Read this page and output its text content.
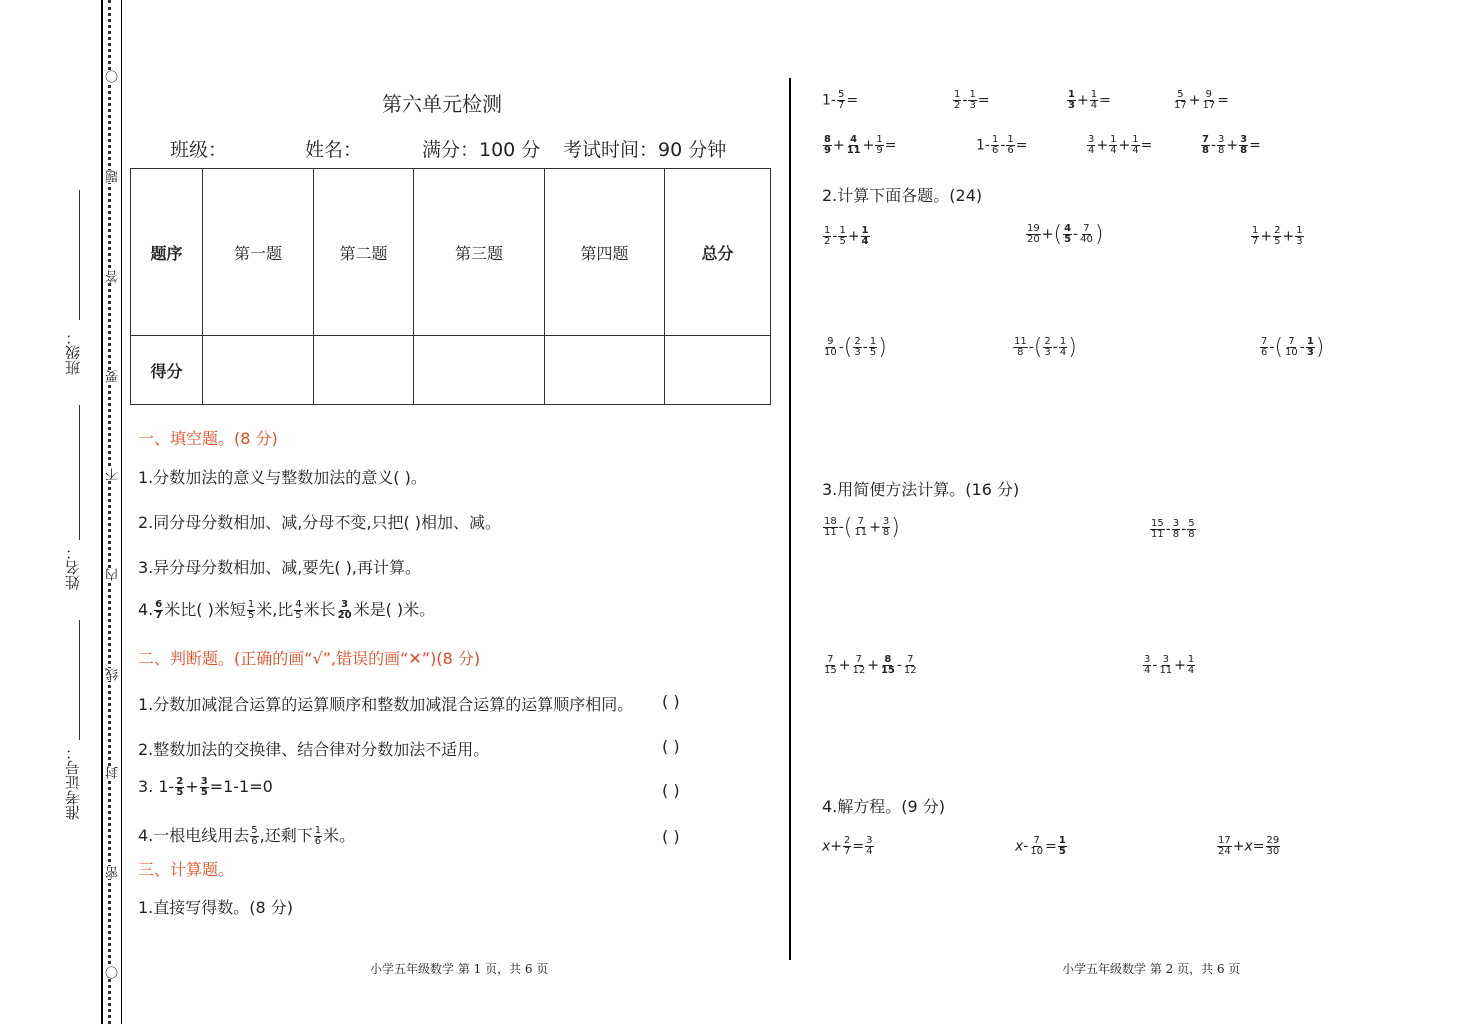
〇
题
答
要
不
内
线
封
密
〇
班级：
姓名：
准考证号：
第六单元检测
班级：	姓名：	满分：100 分 考试时间：90 分钟
题序	第一题	第二题	第三题	第四题	总分
得分					
一、填空题。(8 分)
1.分数加法的意义与整数加法的意义( )。
2.同分母分数相加、减,分母不变,只把( )相加、减。
3.异分母分数相加、减,要先( ),再计算。
4. $\frac{6}{7}$ 米比( )米短 $\frac{1}{5}$ 米,比 $\frac{4}{5}$ 米长 $\frac{3}{20}$ 米是( )米。
二、判断题。(正确的画“√”,错误的画“✕”)(8 分)
1.分数加减混合运算的运算顺序和整数加减混合运算的运算顺序相同。 ( )
2.整数加法的交换律、结合律对分数加法不适用。	( )
3. $1- \frac{2}{5} + \frac{3}{5} =1-1=0$	( )
4.一根电线用去 $\frac{5}{6}$ ,还剩下 $\frac{1}{6}$ 米。	( )
三、计算题。
1.直接写得数。(8 分)
小学五年级数学 第 1 页，共 6 页
$1- \frac{5}{7}$ =	$\frac{1}{2} - \frac{1}{3}$ =	$\frac{1}{3} + \frac{1}{4}$ =	$\frac{5}{17} + \frac{9}{17}$ =
$\frac{8}{9} + \frac{4}{11} + \frac{1}{9}$ =	$1- \frac{1}{6} - \frac{1}{6}$ =	$\frac{3}{4} + \frac{1}{4} + \frac{1}{4}$ =	$\frac{7}{8} - \frac{3}{8} + \frac{3}{8}$ =
2.计算下面各题。(24)
$\frac{1}{2} - \frac{1}{5} + \frac{1}{4}$	$\frac{19}{20}$ +( $\frac{4}{5} - \frac{7}{40}$ )	$\frac{1}{7} + \frac{2}{5} + \frac{1}{3}$
$\frac{9}{10}$ -( $\frac{2}{3} - \frac{1}{5}$ )	$\frac{11}{8}$ -( $\frac{2}{3} - \frac{1}{4}$ )	$\frac{7}{6}$ -( $\frac{7}{10} - \frac{1}{3}$ )
3.用简便方法计算。(16 分)
$\frac{18}{11}$ -( $\frac{7}{11} + \frac{3}{8}$ )	$\frac{15}{11} - \frac{3}{8} - \frac{5}{8}$
$\frac{7}{15} + \frac{7}{12} + \frac{8}{15} - \frac{7}{12}$	$\frac{3}{4} - \frac{3}{11} + \frac{1}{4}$
4.解方程。(9 分)
$x+ \frac{2}{7} = \frac{3}{4}$	$x- \frac{7}{10} = \frac{1}{5}$	$\frac{17}{24} +x= \frac{29}{30}$
小学五年级数学 第 2 页，共 6 页
